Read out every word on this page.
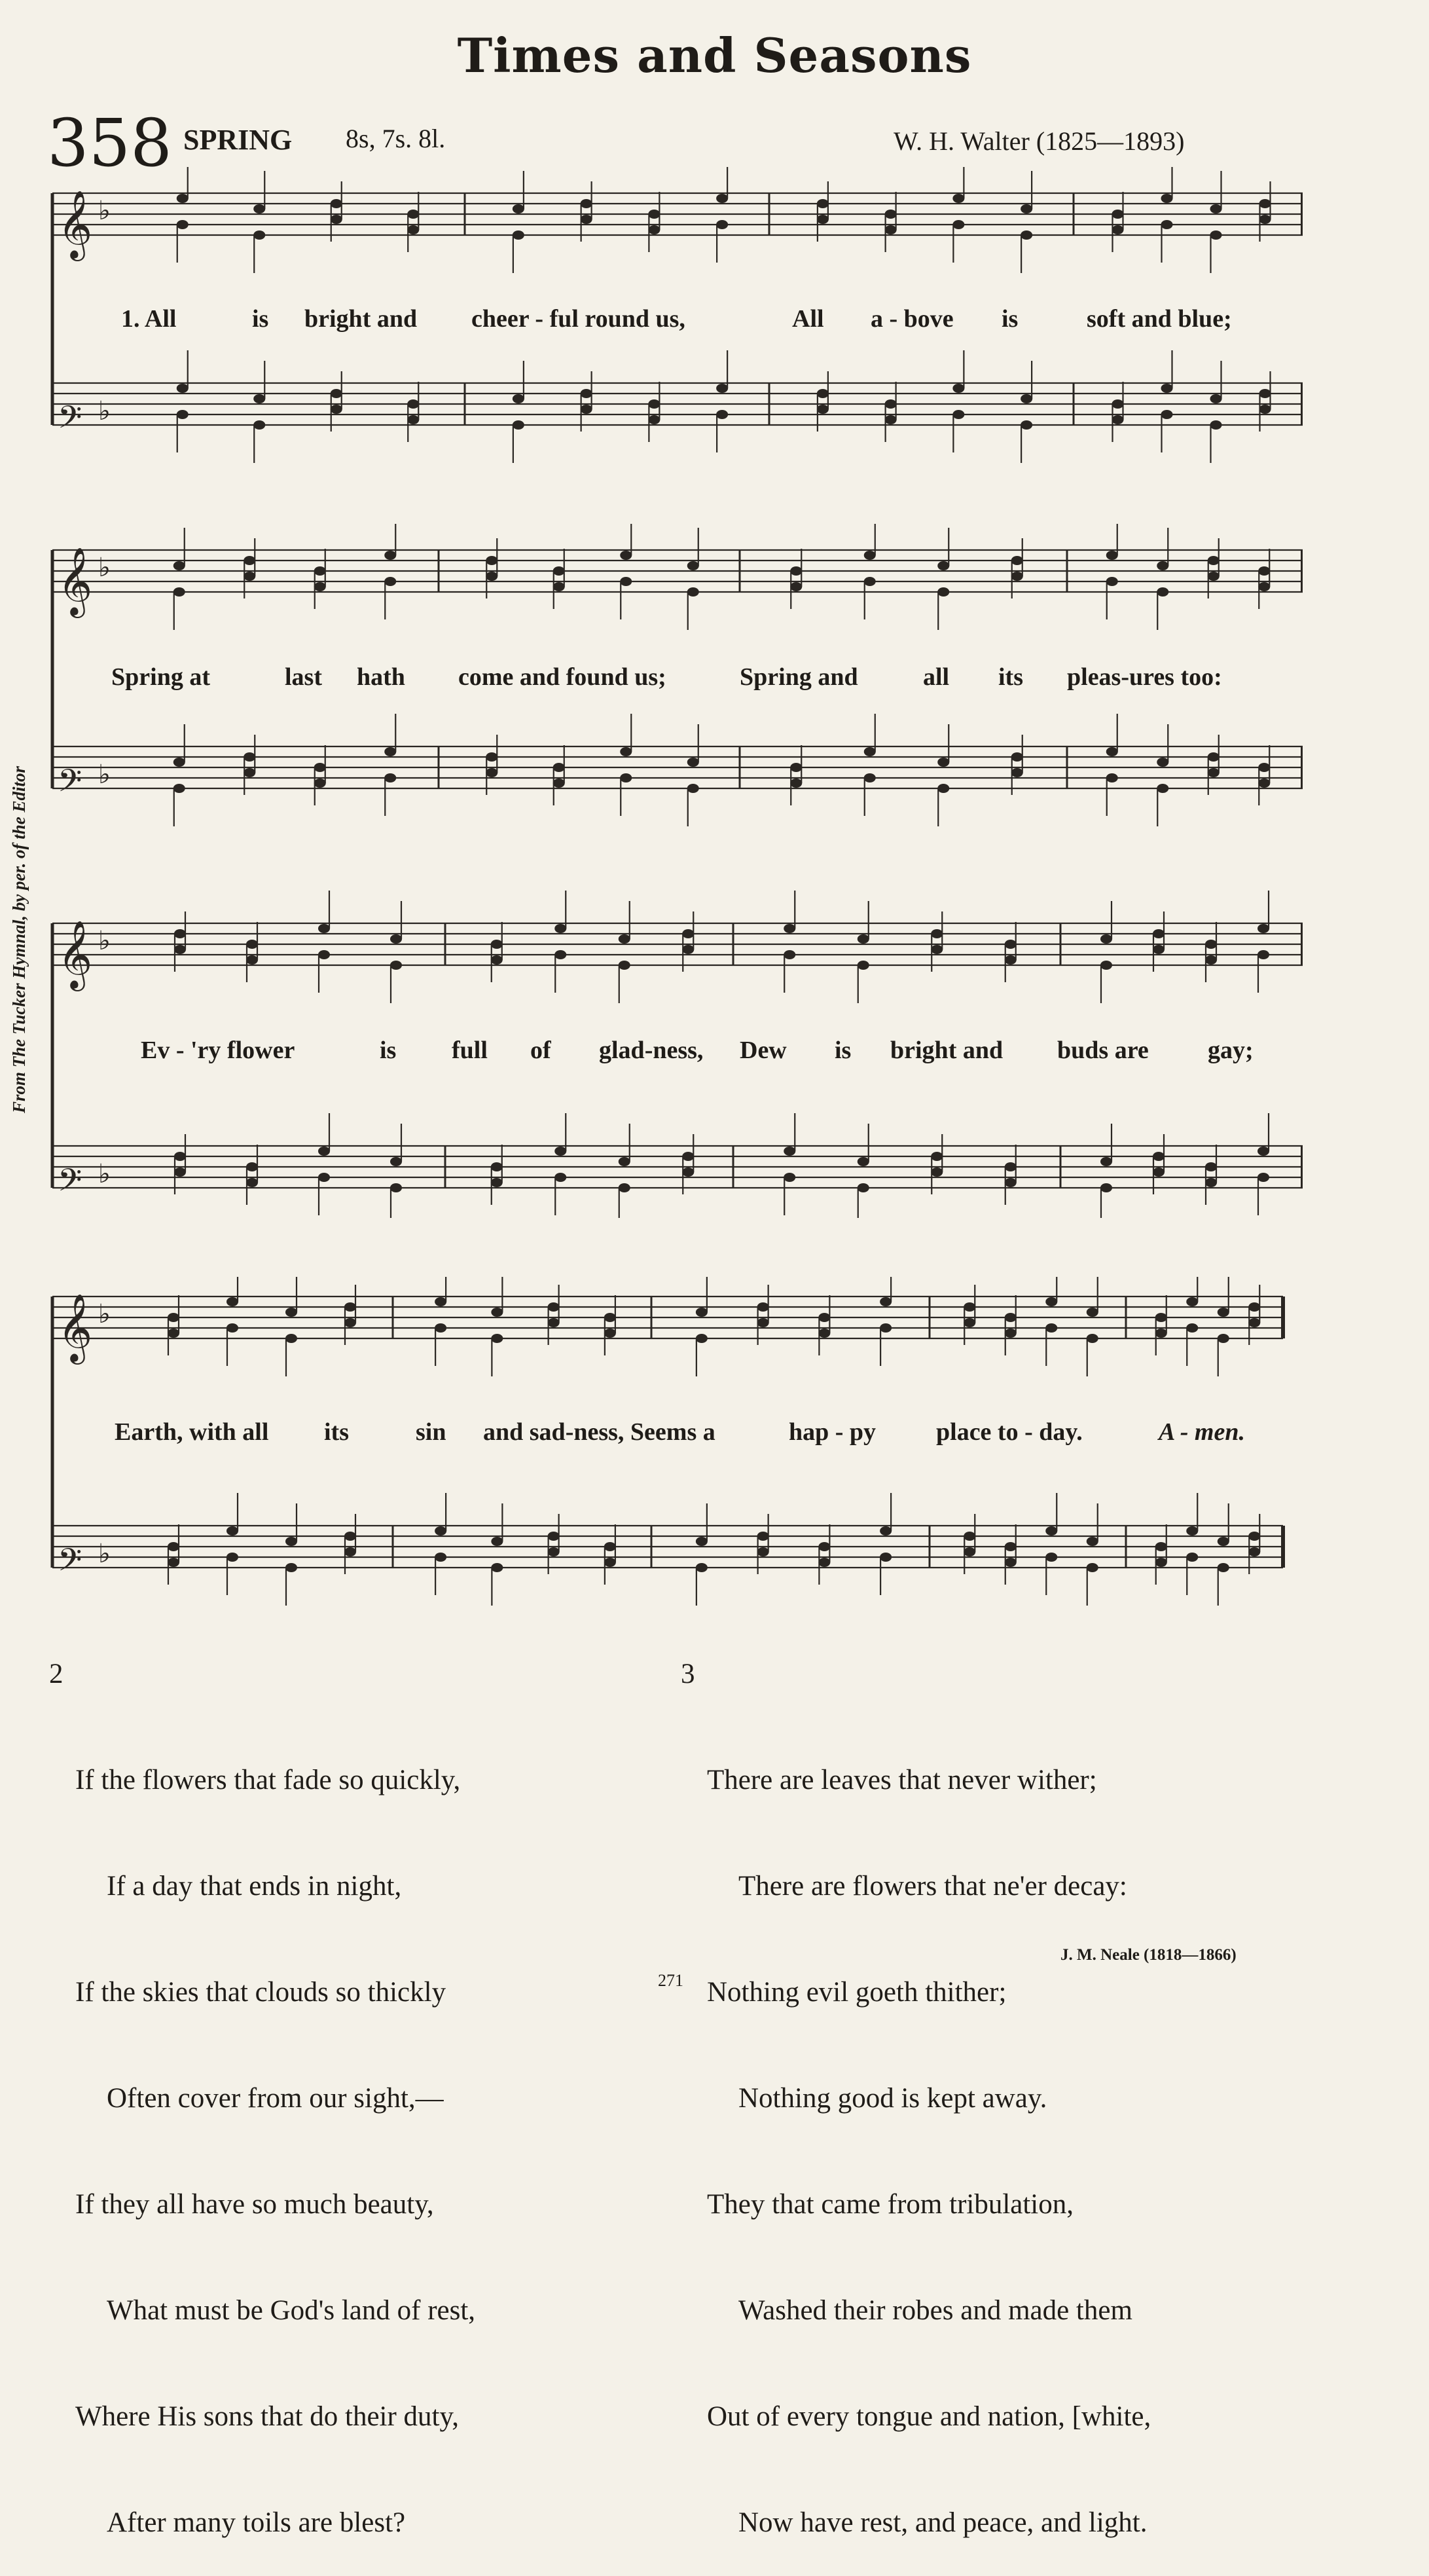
Times and Seasons
358 SPRING 8s, 7s. 8l.	W. H. Walter (1825—1893)
From The Tucker Hymnal, by per. of the Editor
𝄞 ♭
𝄢 ♭
1. All	is bright and cheer - ful round us,	All a - bove is	soft and blue;
𝄞 ♭
𝄢 ♭
Spring at	last hath come and found us;	Spring and	all its pleas-ures too:
𝄞 ♭
𝄢 ♭
Ev - 'ry flower	is full of glad-ness, Dew is bright and buds are gay;
𝄞 ♭
𝄢 ♭
Earth, with all its	sin and sad-ness, Seems a	hap - py place to - day.	A - men.

2

If the flowers that fade so quickly,

If a day that ends in night,

If the skies that clouds so thickly

Often cover from our sight,—

If they all have so much beauty,

What must be God's land of rest,

Where His sons that do their duty,

After many toils are blest?

3

There are leaves that never wither;

There are flowers that ne'er decay:

Nothing evil goeth thither;

Nothing good is kept away.

They that came from tribulation,

Washed their robes and made them

Out of every tongue and nation, [white,

Now have rest, and peace, and light.

J. M. Neale (1818—1866)
271
